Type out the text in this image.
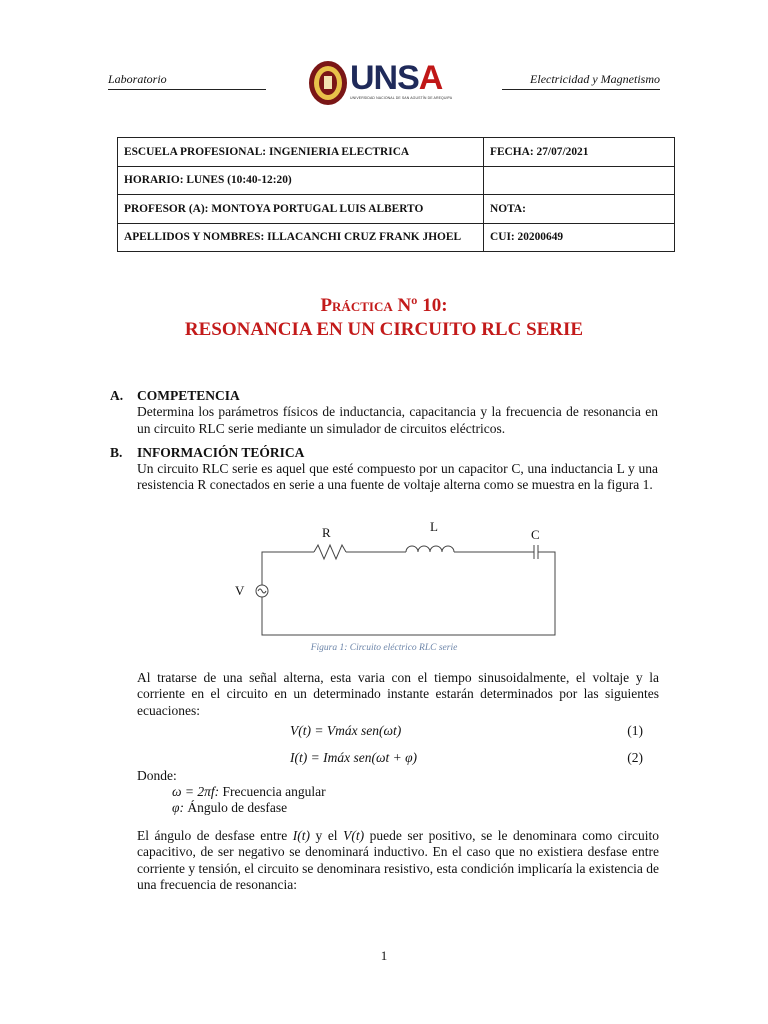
Laboratorio	UNSA
UNIVERSIDAD NACIONAL DE SAN AGUSTÍN DE AREQUIPA
Electricidad y Magnetismo
ESCUELA PROFESIONAL: INGENIERIA ELECTRICA	FECHA: 27/07/2021
HORARIO: LUNES (10:40-12:20)	
PROFESOR (A): MONTOYA PORTUGAL LUIS ALBERTO	NOTA:
APELLIDOS Y NOMBRES: ILLACANCHI CRUZ FRANK JHOEL	CUI: 20200649
Práctica Nº 10:
RESONANCIA EN UN CIRCUITO RLC SERIE
A.	COMPETENCIA
Determina los parámetros físicos de inductancia, capacitancia y la frecuencia de resonancia en un circuito RLC serie mediante un simulador de circuitos eléctricos.
B.	INFORMACIÓN TEÓRICA
Un circuito RLC serie es aquel que esté compuesto por un capacitor C, una inductancia L y una resistencia R conectados en serie a una fuente de voltaje alterna como se muestra en la figura 1.
R	L
C
V
Figura 1: Circuito eléctrico RLC serie
Al tratarse de una señal alterna, esta varia con el tiempo sinusoidalmente, el voltaje y la corriente en el circuito en un determinado instante estarán determinados por las siguientes ecuaciones:
V(t) = Vmáx sen(ωt)	(1)
I(t) = Imáx sen(ωt + φ)	(2)
Donde:
ω = 2πf: Frecuencia angular
φ: Ángulo de desfase
El ángulo de desfase entre I(t) y el V(t) puede ser positivo, se le denominara como circuito capacitivo, de ser negativo se denominará inductivo. En el caso que no existiera desfase entre corriente y tensión, el circuito se denominara resistivo, esta condición implicaría la existencia de una frecuencia de resonancia:
1
